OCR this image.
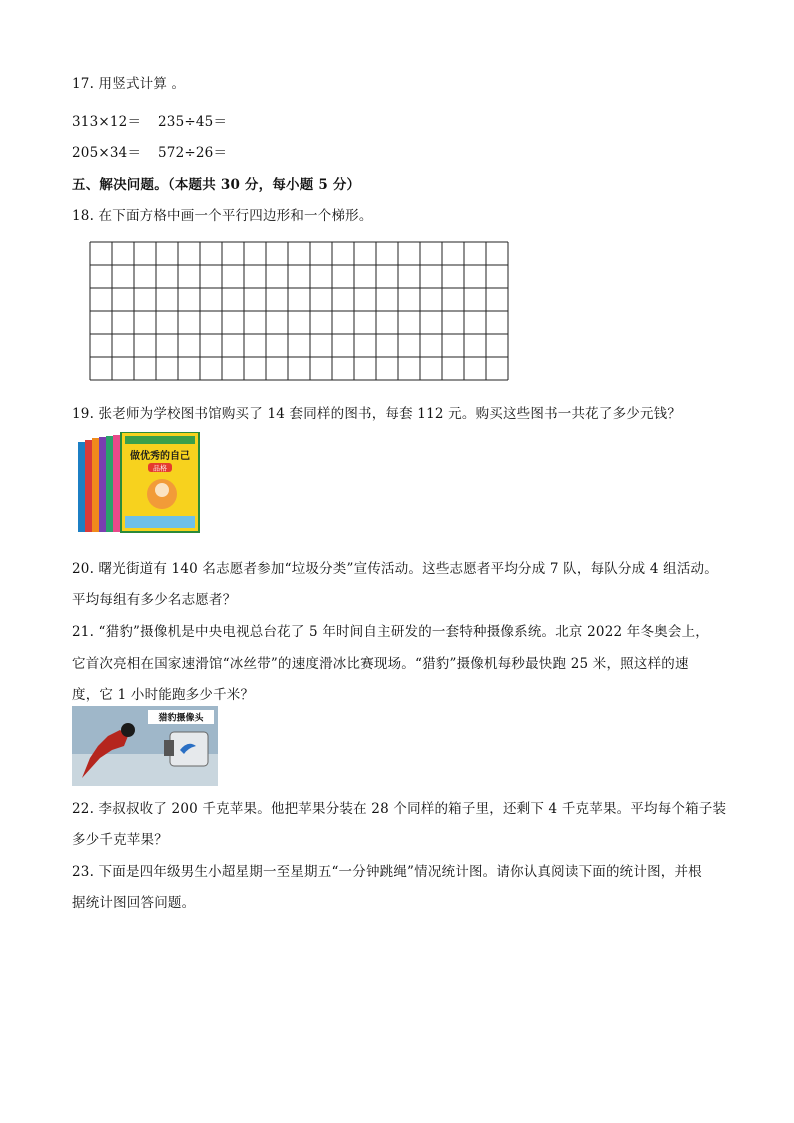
17. 用竖式计算 。
313×12＝ 235÷45＝
205×34＝ 572÷26＝
五、解决问题。（本题共 30 分，每小题 5 分）
18. 在下面方格中画一个平行四边形和一个梯形。
19. 张老师为学校图书馆购买了 14 套同样的图书，每套 112 元。购买这些图书一共花了多少元钱？
做优秀的自己
品格
20. 曙光街道有 140 名志愿者参加“垃圾分类”宣传活动。这些志愿者平均分成 7 队，每队分成 4 组活动。
平均每组有多少名志愿者？
21. “猎豹”摄像机是中央电视总台花了 5 年时间自主研发的一套特种摄像系统。北京 2022 年冬奥会上，
它首次亮相在国家速滑馆“冰丝带”的速度滑冰比赛现场。“猎豹”摄像机每秒最快跑 25 米，照这样的速
度，它 1 小时能跑多少千米？
猎豹摄像头
22. 李叔叔收了 200 千克苹果。他把苹果分装在 28 个同样的箱子里，还剩下 4 千克苹果。平均每个箱子装
多少千克苹果？
23. 下面是四年级男生小超星期一至星期五“一分钟跳绳”情况统计图。请你认真阅读下面的统计图，并根
据统计图回答问题。
